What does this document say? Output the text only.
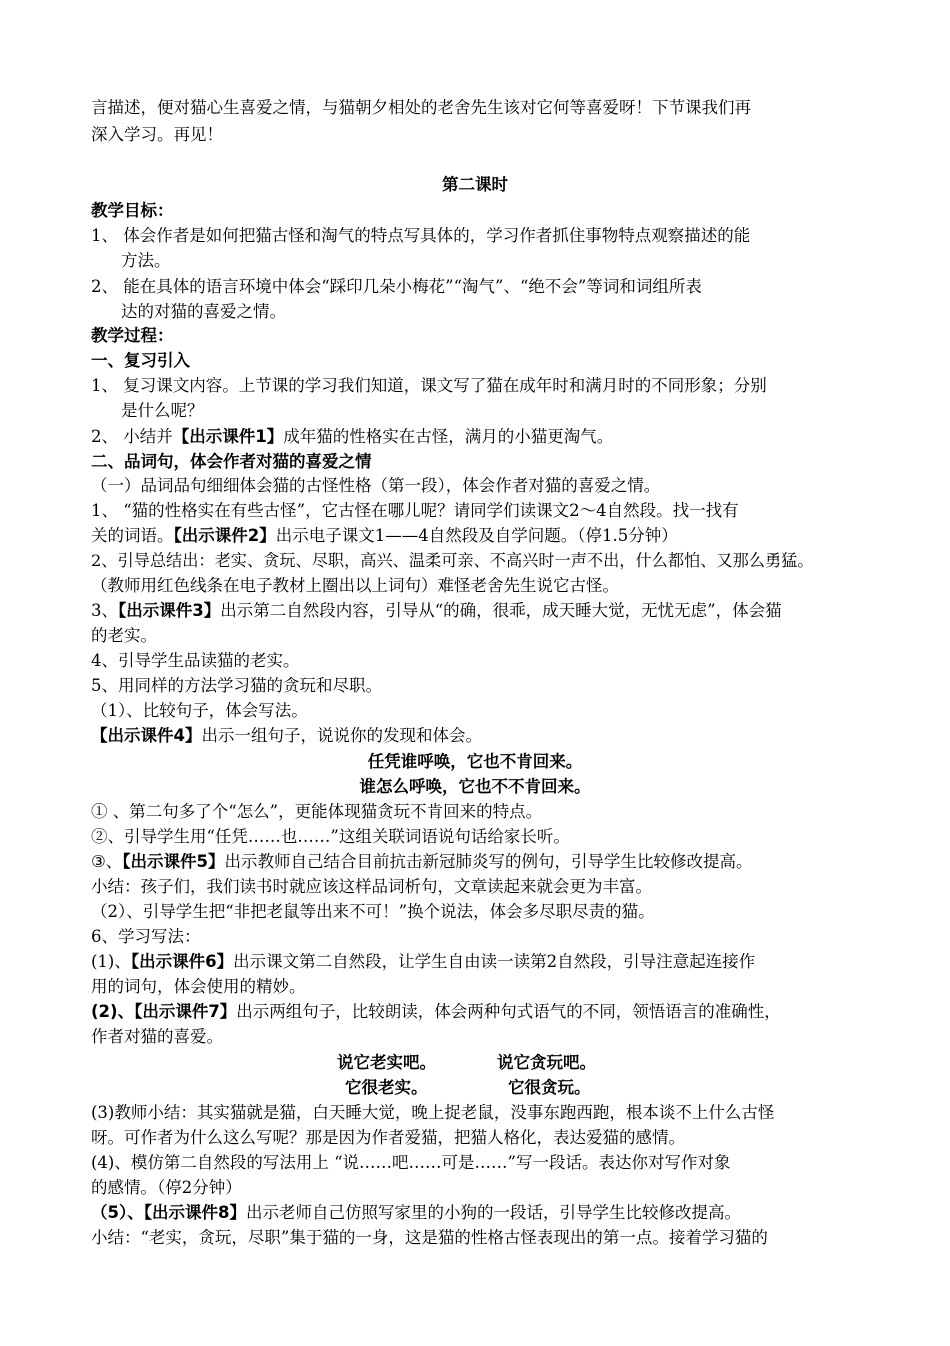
言描述，便对猫心生喜爱之情，与猫朝夕相处的老舍先生该对它何等喜爱呀！下节课我们再
深入学习。再见！
第二课时
教学目标：
1、 体会作者是如何把猫古怪和淘气的特点写具体的，学习作者抓住事物特点观察描述的能
方法。
2、 能在具体的语言环境中体会“踩印几朵小梅花”“淘气”、“绝不会”等词和词组所表
达的对猫的喜爱之情。
教学过程：
一、复习引入
1、 复习课文内容。上节课的学习我们知道，课文写了猫在成年时和满月时的不同形象；分别
是什么呢？
2、 小结并【出示课件1】成年猫的性格实在古怪，满月的小猫更淘气。
二、品词句，体会作者对猫的喜爱之情
（一）品词品句细细体会猫的古怪性格（第一段），体会作者对猫的喜爱之情。
1、 “猫的性格实在有些古怪”，它古怪在哪儿呢？请同学们读课文2～4自然段。找一找有
关的词语。【出示课件2】出示电子课文1——4自然段及自学问题。（停1.5分钟）
2、引导总结出：老实、贪玩、尽职，高兴、温柔可亲、不高兴时一声不出，什么都怕、又那么勇猛。
（教师用红色线条在电子教材上圈出以上词句）难怪老舍先生说它古怪。
3、【出示课件3】出示第二自然段内容，引导从“的确，很乖，成天睡大觉，无忧无虑”，体会猫
的老实。
4、引导学生品读猫的老实。
5、用同样的方法学习猫的贪玩和尽职。
（1）、比较句子，体会写法。
【出示课件4】出示一组句子，说说你的发现和体会。
任凭谁呼唤，它也不肯回来。
谁怎么呼唤，它也不不肯回来。
① 、第二句多了个“怎么”，更能体现猫贪玩不肯回来的特点。
②、引导学生用“任凭……也……”这组关联词语说句话给家长听。
③、【出示课件5】出示教师自己结合目前抗击新冠肺炎写的例句，引导学生比较修改提高。
小结：孩子们，我们读书时就应该这样品词析句，文章读起来就会更为丰富。
（2）、引导学生把“非把老鼠等出来不可！”换个说法，体会多尽职尽责的猫。
6、学习写法：
(1)、【出示课件6】出示课文第二自然段，让学生自由读一读第2自然段，引导注意起连接作
用的词句，体会使用的精妙。
(2)、【出示课件7】出示两组句子，比较朗读，体会两种句式语气的不同，领悟语言的准确性，
作者对猫的喜爱。
说它老实吧。	说它贪玩吧。
它很老实。	它很贪玩。
(3)教师小结：其实猫就是猫，白天睡大觉，晚上捉老鼠，没事东跑西跑，根本谈不上什么古怪
呀。可作者为什么这么写呢？那是因为作者爱猫，把猫人格化，表达爱猫的感情。
(4)、模仿第二自然段的写法用上 “说……吧……可是……”写一段话。表达你对写作对象
的感情。（停2分钟）
（5）、【出示课件8】出示老师自己仿照写家里的小狗的一段话，引导学生比较修改提高。
小结：“老实，贪玩，尽职”集于猫的一身，这是猫的性格古怪表现出的第一点。接着学习猫的
